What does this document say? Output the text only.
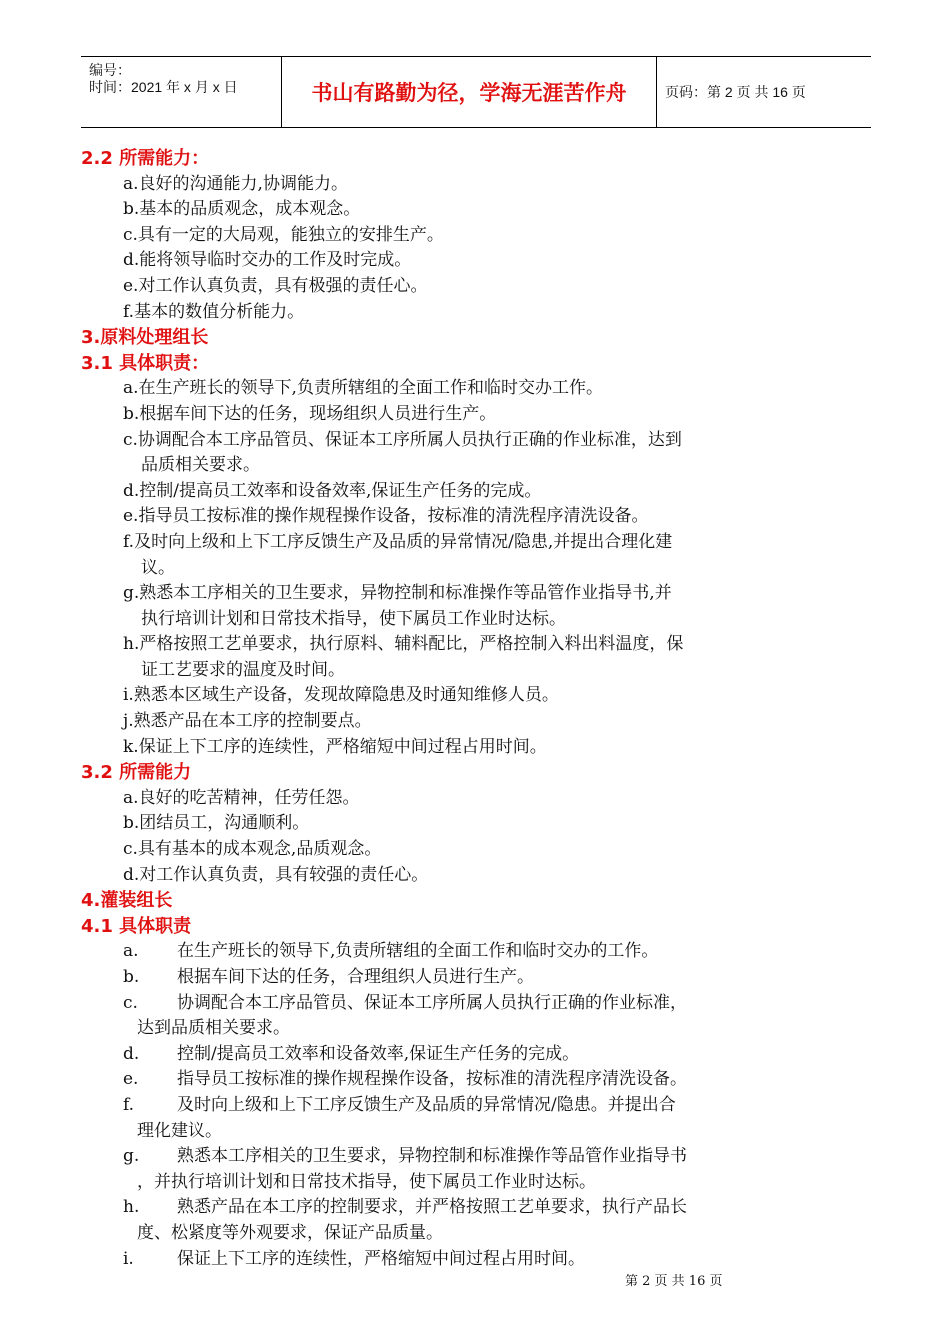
编号：
时间：2021 年 x 月 x 日	书山有路勤为径，学海无涯苦作舟	页码：第 2 页 共 16 页
2.2 所需能力：
a.良好的沟通能力,协调能力。
b.基本的品质观念，成本观念。
c.具有一定的大局观，能独立的安排生产。
d.能将领导临时交办的工作及时完成。
e.对工作认真负责，具有极强的责任心。
f.基本的数值分析能力。
3.原料处理组长
3.1 具体职责：
a.在生产班长的领导下,负责所辖组的全面工作和临时交办工作。
b.根据车间下达的任务，现场组织人员进行生产。
c.协调配合本工序品管员、保证本工序所属人员执行正确的作业标准，达到
品质相关要求。
d.控制/提高员工效率和设备效率,保证生产任务的完成。
e.指导员工按标准的操作规程操作设备，按标准的清洗程序清洗设备。
f.及时向上级和上下工序反馈生产及品质的异常情况/隐患,并提出合理化建
议。
g.熟悉本工序相关的卫生要求，异物控制和标准操作等品管作业指导书,并
执行培训计划和日常技术指导，使下属员工作业时达标。
h.严格按照工艺单要求，执行原料、辅料配比，严格控制入料出料温度，保
证工艺要求的温度及时间。
i.熟悉本区域生产设备，发现故障隐患及时通知维修人员。
j.熟悉产品在本工序的控制要点。
k.保证上下工序的连续性，严格缩短中间过程占用时间。
3.2 所需能力
a.良好的吃苦精神，任劳任怨。
b.团结员工，沟通顺利。
c.具有基本的成本观念,品质观念。
d.对工作认真负责，具有较强的责任心。
4.灌装组长
4.1 具体职责
a. 在生产班长的领导下,负责所辖组的全面工作和临时交办的工作。
b. 根据车间下达的任务，合理组织人员进行生产。
c. 协调配合本工序品管员、保证本工序所属人员执行正确的作业标准，
达到品质相关要求。
d. 控制/提高员工效率和设备效率,保证生产任务的完成。
e. 指导员工按标准的操作规程操作设备，按标准的清洗程序清洗设备。
f.	及时向上级和上下工序反馈生产及品质的异常情况/隐患。并提出合
理化建议。
g. 熟悉本工序相关的卫生要求，异物控制和标准操作等品管作业指导书
，并执行培训计划和日常技术指导，使下属员工作业时达标。
h. 熟悉产品在本工序的控制要求，并严格按照工艺单要求，执行产品长
度、松紧度等外观要求，保证产品质量。
i.	保证上下工序的连续性，严格缩短中间过程占用时间。
第 2 页 共 16 页
